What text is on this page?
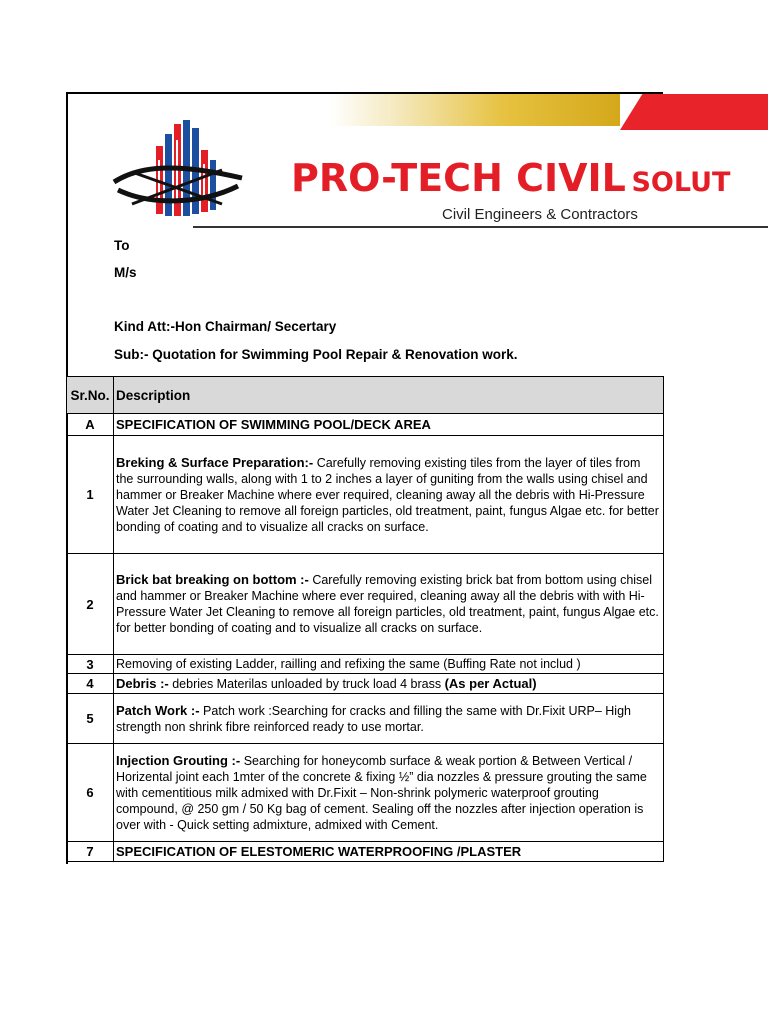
PRO-TECH CIVIL SOLUT
Civil Engineers & Contractors
To
M/s
Kind Att:-Hon Chairman/ Secertary
Sub:- Quotation for Swimming Pool Repair & Renovation work.
Sr.No.	Description
A	SPECIFICATION OF SWIMMING POOL/DECK AREA
1	Breking & Surface Preparation:- Carefully removing existing tiles from the layer of tiles from the surrounding walls, along with 1 to 2 inches a layer of guniting from the walls using chisel and hammer or Breaker Machine where ever required, cleaning away all the debris with Hi-Pressure Water Jet Cleaning to remove all foreign particles, old treatment, paint, fungus Algae etc. for better bonding of coating and to visualize all cracks on surface.
2	Brick bat breaking on bottom :- Carefully removing existing brick bat from bottom using chisel and hammer or Breaker Machine where ever required, cleaning away all the debris with with Hi-Pressure Water Jet Cleaning to remove all foreign particles, old treatment, paint, fungus Algae etc. for better bonding of coating and to visualize all cracks on surface.
3	Removing of existing Ladder, railling and refixing the same (Buffing Rate not includ )
4	Debris :- debries Materilas unloaded by truck load 4 brass (As per Actual)
5	Patch Work :- Patch work :Searching for cracks and filling the same with Dr.Fixit URP– High strength non shrink fibre reinforced ready to use mortar.
6	Injection Grouting :- Searching for honeycomb surface & weak portion & Between Vertical / Horizental joint each 1mter of the concrete & fixing ½” dia nozzles & pressure grouting the same with cementitious milk admixed with Dr.Fixit – Non-shrink polymeric waterproof grouting compound, @ 250 gm / 50 Kg bag of cement. Sealing off the nozzles after injection operation is over with - Quick setting admixture, admixed with Cement.
7	SPECIFICATION OF ELESTOMERIC WATERPROOFING /PLASTER
